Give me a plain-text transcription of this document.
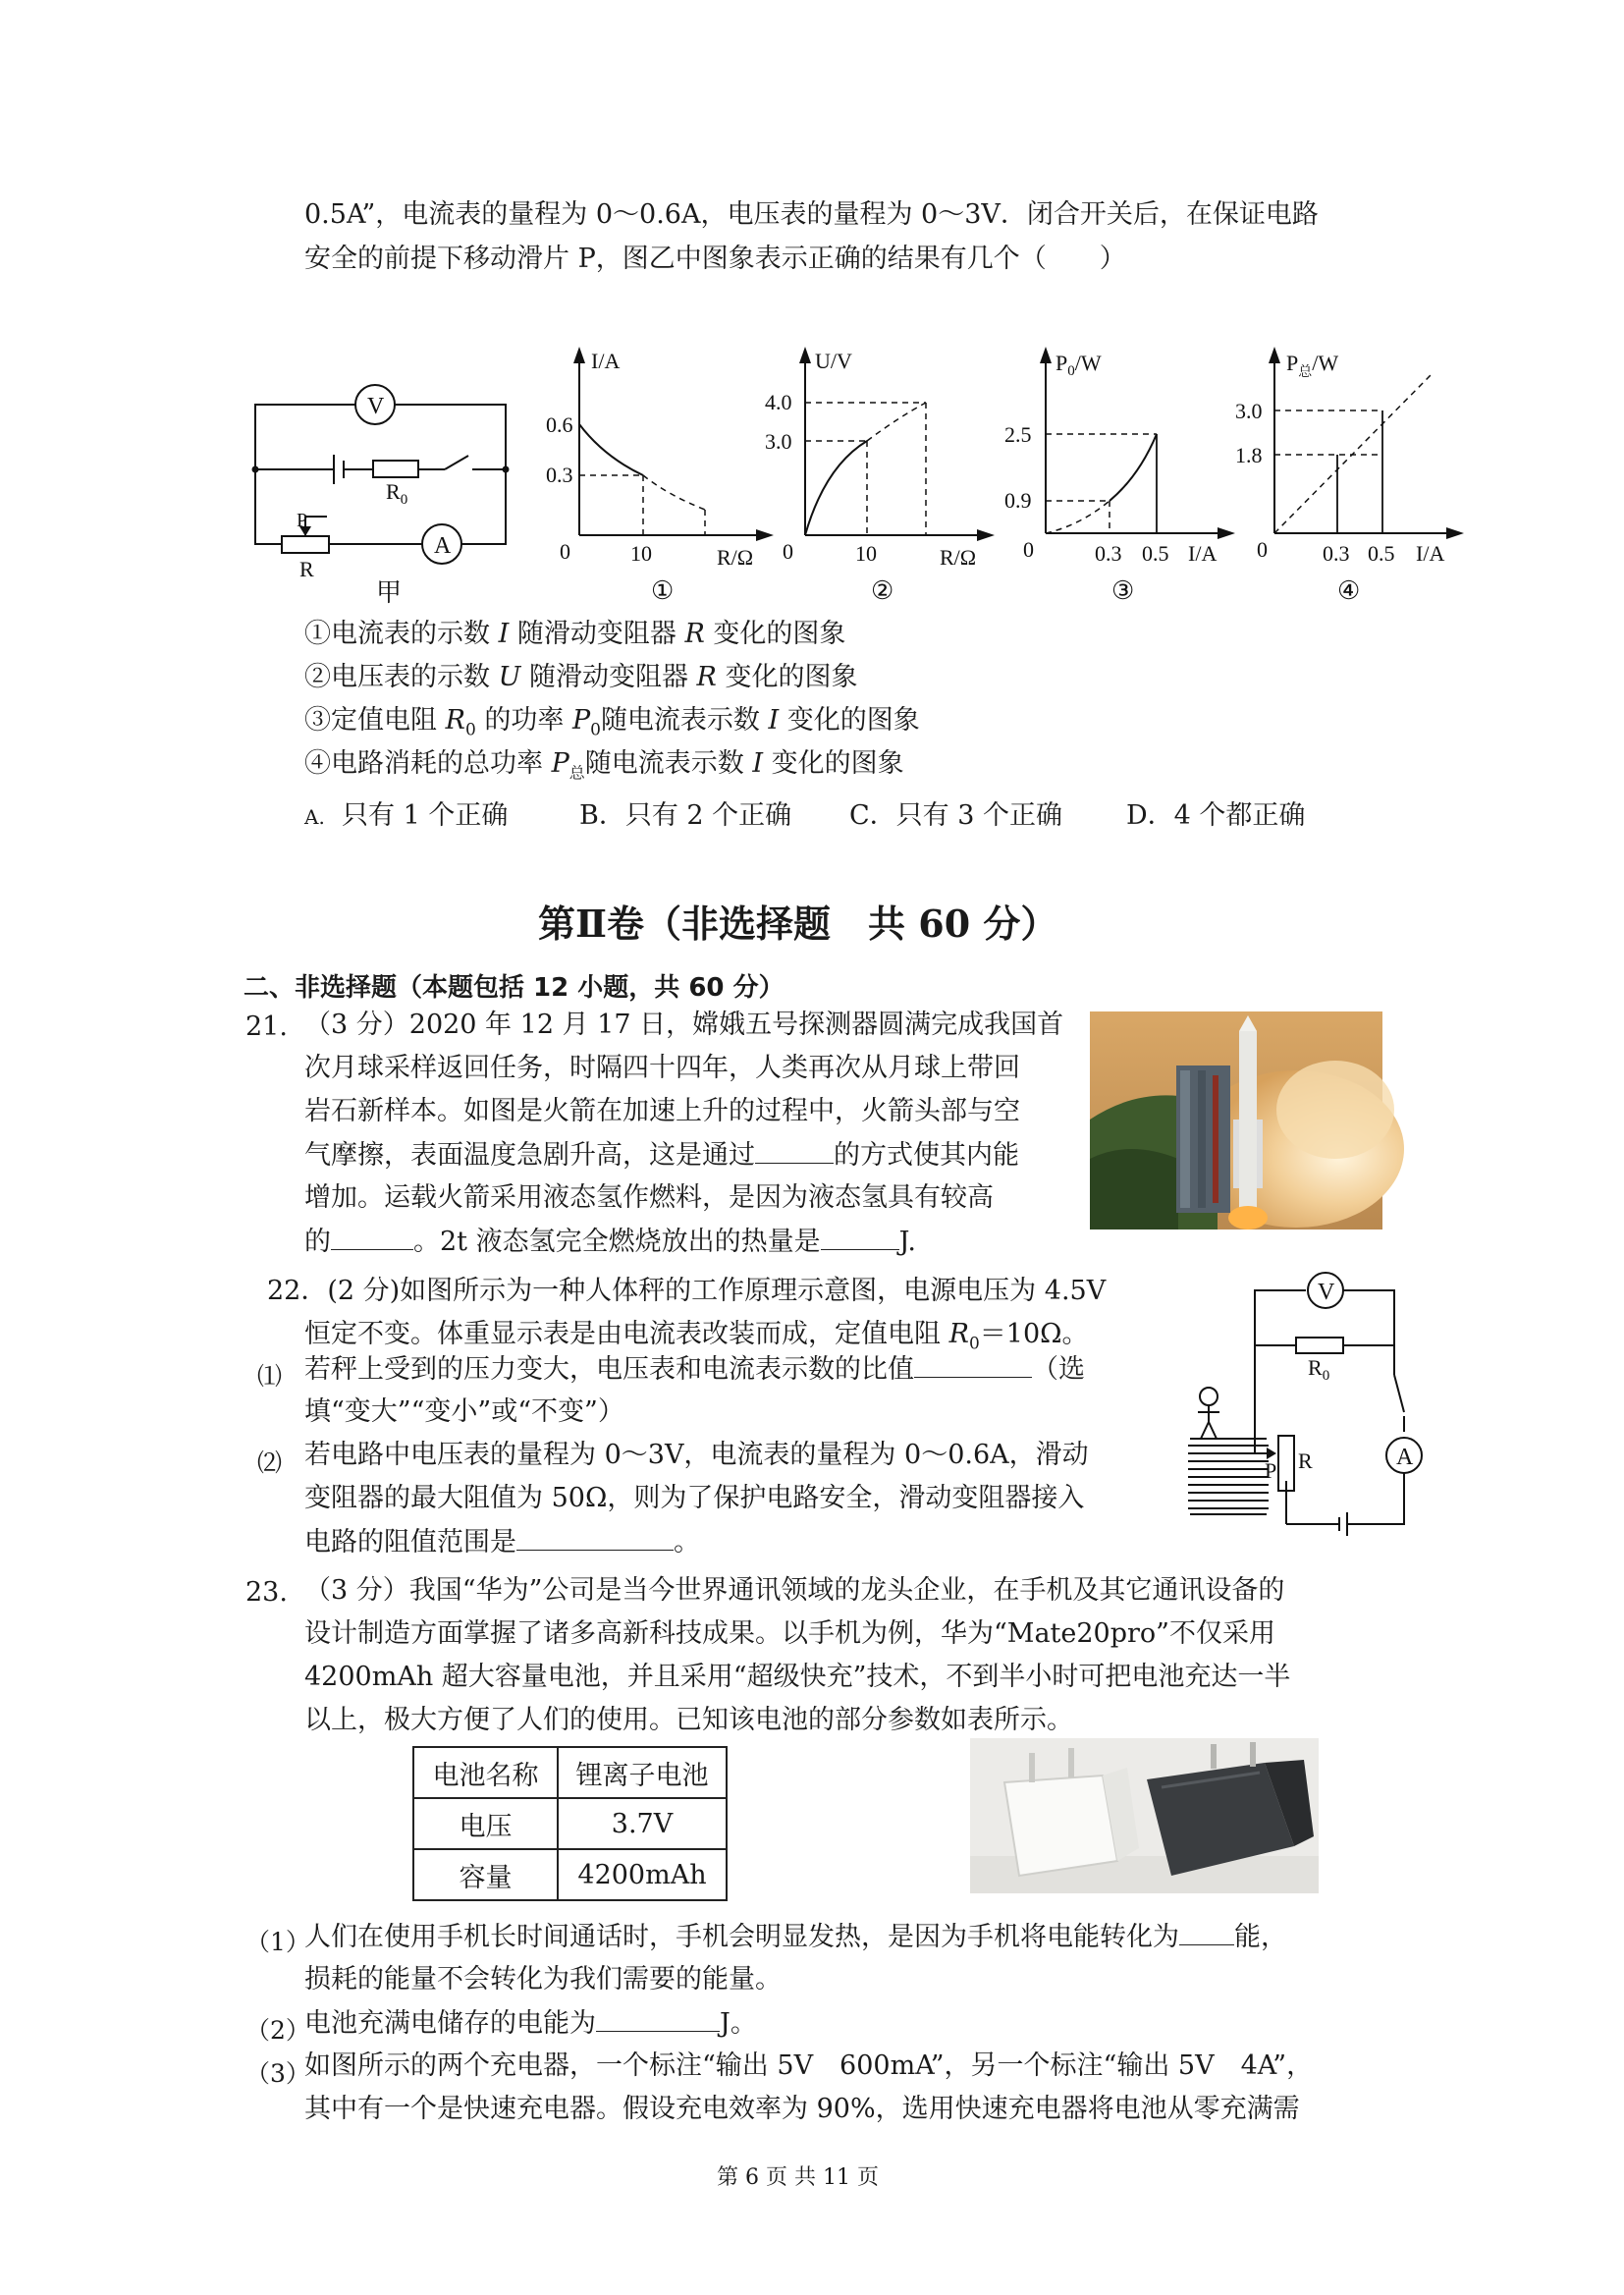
0.5A”，电流表的量程为 0～0.6A，电压表的量程为 0～3V．闭合开关后，在保证电路
安全的前提下移动滑片 P，图乙中图象表示正确的结果有几个（　　）
V
A
$R_0$
P
R
甲
I/A
0.6
0.3
0	10	R/Ω
①
U/V
4.0
3.0
0	10	R/Ω
②
$P_0/W$
2.5
0.9
0	0.3 0.5 I/A
③
$P_总/W$
3.0
1.8
0	0.3 0.5 I/A
④
①电流表的示数 I 随滑动变阻器 R 变化的图象
②电压表的示数 U 随滑动变阻器 R 变化的图象
③定值电阻 $R_0$ 的功率 $P_0$随电流表示数 I 变化的图象
④电路消耗的总功率 $P_总$随电流表示数 I 变化的图象
A. 只有 1 个正确	B．只有 2 个正确 C．只有 3 个正确 D．4 个都正确
第Ⅱ卷（非选择题　共 60 分）
二、非选择题（本题包括 12 小题，共 60 分）
21. （3 分）2020 年 12 月 17 日，嫦娥五号探测器圆满完成我国首
次月球采样返回任务，时隔四十四年，人类再次从月球上带回
岩石新样本。如图是火箭在加速上升的过程中，火箭头部与空
气摩擦，表面温度急剧升高，这是通过	的方式使其内能
增加。运载火箭采用液态氢作燃料，是因为液态氢具有较高
的	。2t 液态氢完全燃烧放出的热量是	J.
22．(2 分)如图所示为一种人体秤的工作原理示意图，电源电压为 4.5V
恒定不变。体重显示表是由电流表改装而成，定值电阻 $R_0=10\Omega$。
⑴ 若秤上受到的压力变大，电压表和电流表示数的比值	（选
填“变大”“变小”或“不变”）
⑵ 若电路中电压表的量程为 0～3V，电流表的量程为 0～0.6A，滑动
变阻器的最大阻值为 50Ω，则为了保护电路安全，滑动变阻器接入
电路的阻值范围是	。
V
A
$R_0$
P R
23. （3 分）我国“华为”公司是当今世界通讯领域的龙头企业，在手机及其它通讯设备的
设计制造方面掌握了诸多高新科技成果。以手机为例，华为“Mate20pro”不仅采用
4200mAh 超大容量电池，并且采用“超级快充”技术，不到半小时可把电池充达一半
以上，极大方便了人们的使用。已知该电池的部分参数如表所示。
电池名称	锂离子电池
电压	3.7V
容量	4200mAh
（1）
人们在使用手机长时间通话时，手机会明显发热，是因为手机将电能转化为 能，
损耗的能量不会转化为我们需要的能量。
（2）
电池充满电储存的电能为	J。
（3）
如图所示的两个充电器，一个标注“输出 5V　600mA”，另一个标注“输出 5V　4A”，
其中有一个是快速充电器。假设充电效率为 90%，选用快速充电器将电池从零充满需
第 6 页 共 11 页
